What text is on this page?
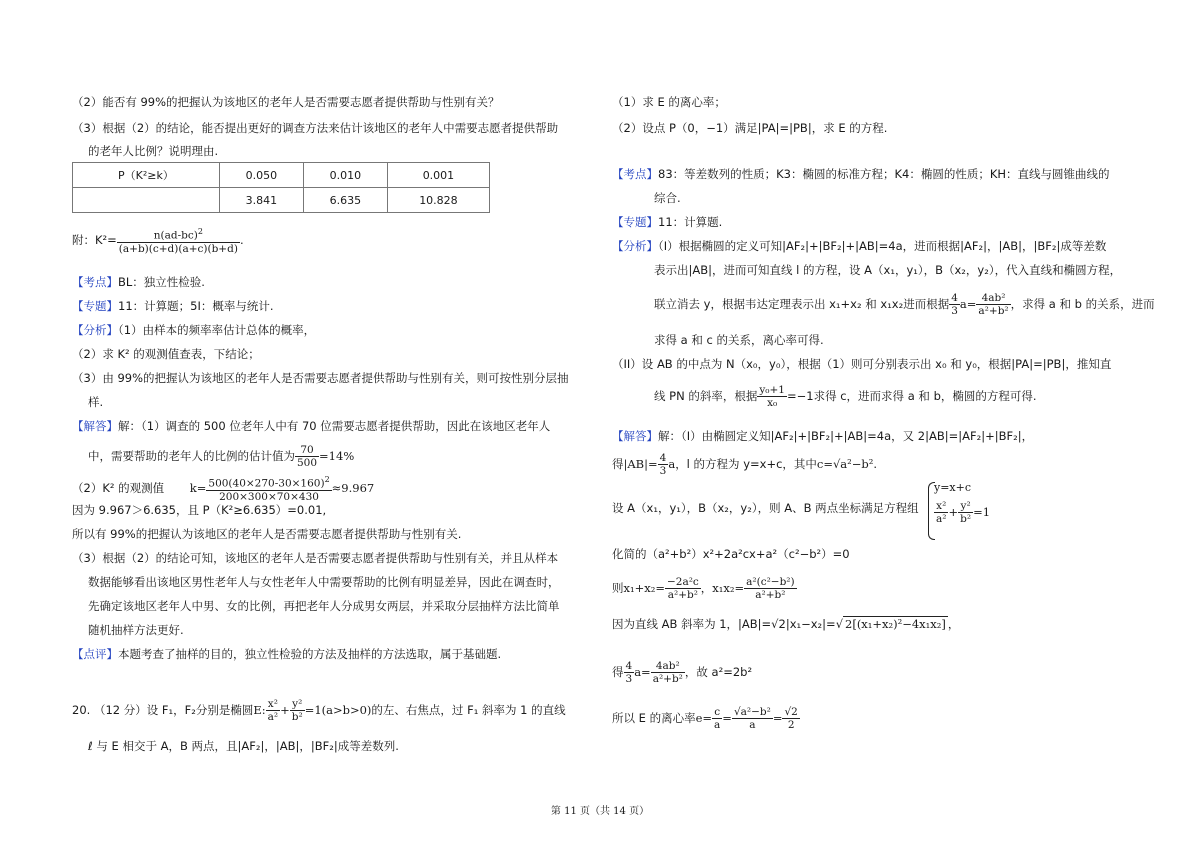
（2）能否有 99%的把握认为该地区的老年人是否需要志愿者提供帮助与性别有关？
（3）根据（2）的结论，能否提出更好的调查方法来估计该地区的老年人中需要志愿者提供帮助
的老年人比例？说明理由.
P（K²≥k）	0.050	0.010	0.001
	3.841	6.635	10.828
附：$K^2= \frac{n(ad-bc)^2}{(a+b)(c+d)(a+c)(b+d)}$ .
【考点】BL：独立性检验.
【专题】11：计算题；5I：概率与统计.
【分析】（1）由样本的频率率估计总体的概率，
（2）求 K² 的观测值查表，下结论；
（3）由 99%的把握认为该地区的老年人是否需要志愿者提供帮助与性别有关，则可按性别分层抽
样.
【解答】解：（1）调查的 500 位老年人中有 70 位需要志愿者提供帮助，因此在该地区老年人
中，需要帮助的老年人的比例的估计值为 $\frac{70}{500} =14\%$
（2）K² 的观测值 $k= \frac{500(40\times 270-30\times 160)^2}{200\times 300\times 70\times 430} \approx 9.967$
因为 9.967＞6.635，且 P（K²≥6.635）=0.01,
所以有 99%的把握认为该地区的老年人是否需要志愿者提供帮助与性别有关.
（3）根据（2）的结论可知，该地区的老年人是否需要志愿者提供帮助与性别有关，并且从样本
数据能够看出该地区男性老年人与女性老年人中需要帮助的比例有明显差异，因此在调查时，
先确定该地区老年人中男、女的比例，再把老年人分成男女两层，并采取分层抽样方法比简单
随机抽样方法更好.
【点评】本题考查了抽样的目的，独立性检验的方法及抽样的方法选取，属于基础题.
20. （12 分）设 F₁，F₂分别是椭圆E: $\frac{\text{x²}}{\text{a²}} + \frac{\text{y²}}{\text{b²}} =1(a>b>0)$的左、右焦点，过 F₁ 斜率为 1 的直线
ℓ 与 E 相交于 A，B 两点，且|AF₂|，|AB|，|BF₂|成等差数列.
（1）求 E 的离心率；
（2）设点 P（0，−1）满足|PA|=|PB|，求 E 的方程.
【考点】83：等差数列的性质；K3：椭圆的标准方程；K4：椭圆的性质；KH：直线与圆锥曲线的
综合.
【专题】11：计算题.
【分析】（I）根据椭圆的定义可知|AF₂|+|BF₂|+|AB|=4a，进而根据|AF₂|，|AB|，|BF₂|成等差数
表示出|AB|，进而可知直线 l 的方程，设 A（x₁，y₁），B（x₂，y₂），代入直线和椭圆方程，
联立消去 y，根据韦达定理表示出 x₁+x₂ 和 x₁x₂进而根据 $\frac{4}{3} a= \frac{\text{4ab²}}{\text{a²+b²}}$ ，求得 a 和 b 的关系，进而
求得 a 和 c 的关系，离心率可得.
（II）设 AB 的中点为 N（x₀，y₀），根据（1）则可分别表示出 x₀ 和 y₀，根据|PA|=|PB|，推知直
线 PN 的斜率，根据 $\frac{\text{y₀+1}}{\text{x₀}} =-1$求得 c，进而求得 a 和 b，椭圆的方程可得.
【解答】解：（I）由椭圆定义知|AF₂|+|BF₂|+|AB|=4a，又 2|AB|=|AF₂|+|BF₂|，
得$|AB|= \frac{4}{3}$ a，l 的方程为 y=x+c，其中c=√a²−b².
设 A（x₁，y₁），B（x₂，y₂），则 A、B 两点坐标满足方程组
y=x+c
$\frac{\text{x²}}{\text{a²}} + \frac{\text{y²}}{\text{b²}} =1$
化简的（a²+b²）x²+2a²cx+a²（c²−b²）=0
则$x_1+x_2= \frac{\text{−2a²c}}{\text{a²+b²}}$ ，$x_1x_2= \frac{\text{a²(c²−b²)}}{\text{a²+b²}}$
因为直线 AB 斜率为 1，|AB|=√2|x₁−x₂|=√ 2[(x₁+x₂)²−4x₁x₂] ，
得 $\frac{4}{3} a= \frac{\text{4ab²}}{\text{a²+b²}}$ ，故 a²=2b²
所以 E 的离心率$e= \frac{c}{a} = \frac{\text{√a²−b²}}{a} = \frac{√2}{2}$
第 11 页（共 14 页）
